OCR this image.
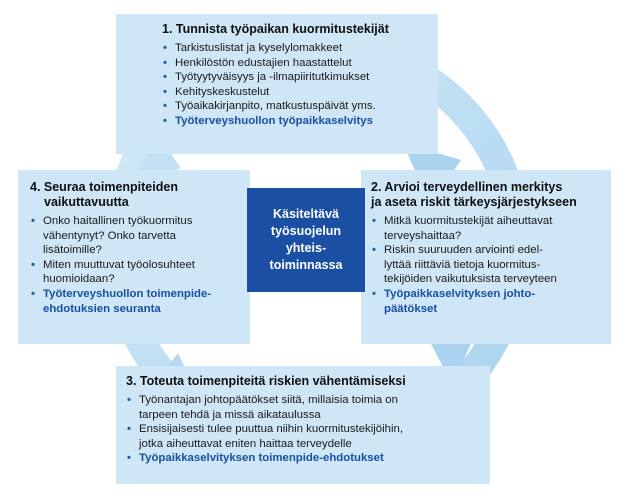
1. Tunnista työpaikan kuormitustekijät
• Tarkistuslistat ja kyselylomakkeet
• Henkilöstön edustajien haastattelut
• Työtyytyväisyys ja -ilmapiiritutkimukset
• Kehityskeskustelut
• Työaikakirjanpito, matkustuspäivät yms.
• Työterveyshuollon työpaikkaselvitys
2. Arvioi terveydellinen merkitys
ja aseta riskit tärkeysjärjestykseen
• Mitkä kuormitustekijät aiheuttavat
terveyshaittaa?
• Riskin suuruuden arviointi edel-
lyttää riittäviä tietoja kuormitus-
tekijöiden vaikutuksista terveyteen
• Työpaikkaselvityksen johto-
päätökset
3. Toteuta toimenpiteitä riskien vähentämiseksi
• Työnantajan johtopäätökset siitä, millaisia toimia on
tarpeen tehdä ja missä aikataulussa
• Ensisijaisesti tulee puuttua niihin kuormitustekijöihin,
jotka aiheuttavat eniten haittaa terveydelle
• Työpaikkaselvityksen toimenpide-ehdotukset
4. Seuraa toimenpiteiden
vaikuttavuutta
• Onko haitallinen työkuormitus
vähentynyt? Onko tarvetta
lisätoimille?
• Miten muuttuvat työolosuhteet
huomioidaan?
• Työterveyshuollon toimenpide-
ehdotuksien seuranta
Käsiteltävä
työsuojelun
yhteis-
toiminnassa
